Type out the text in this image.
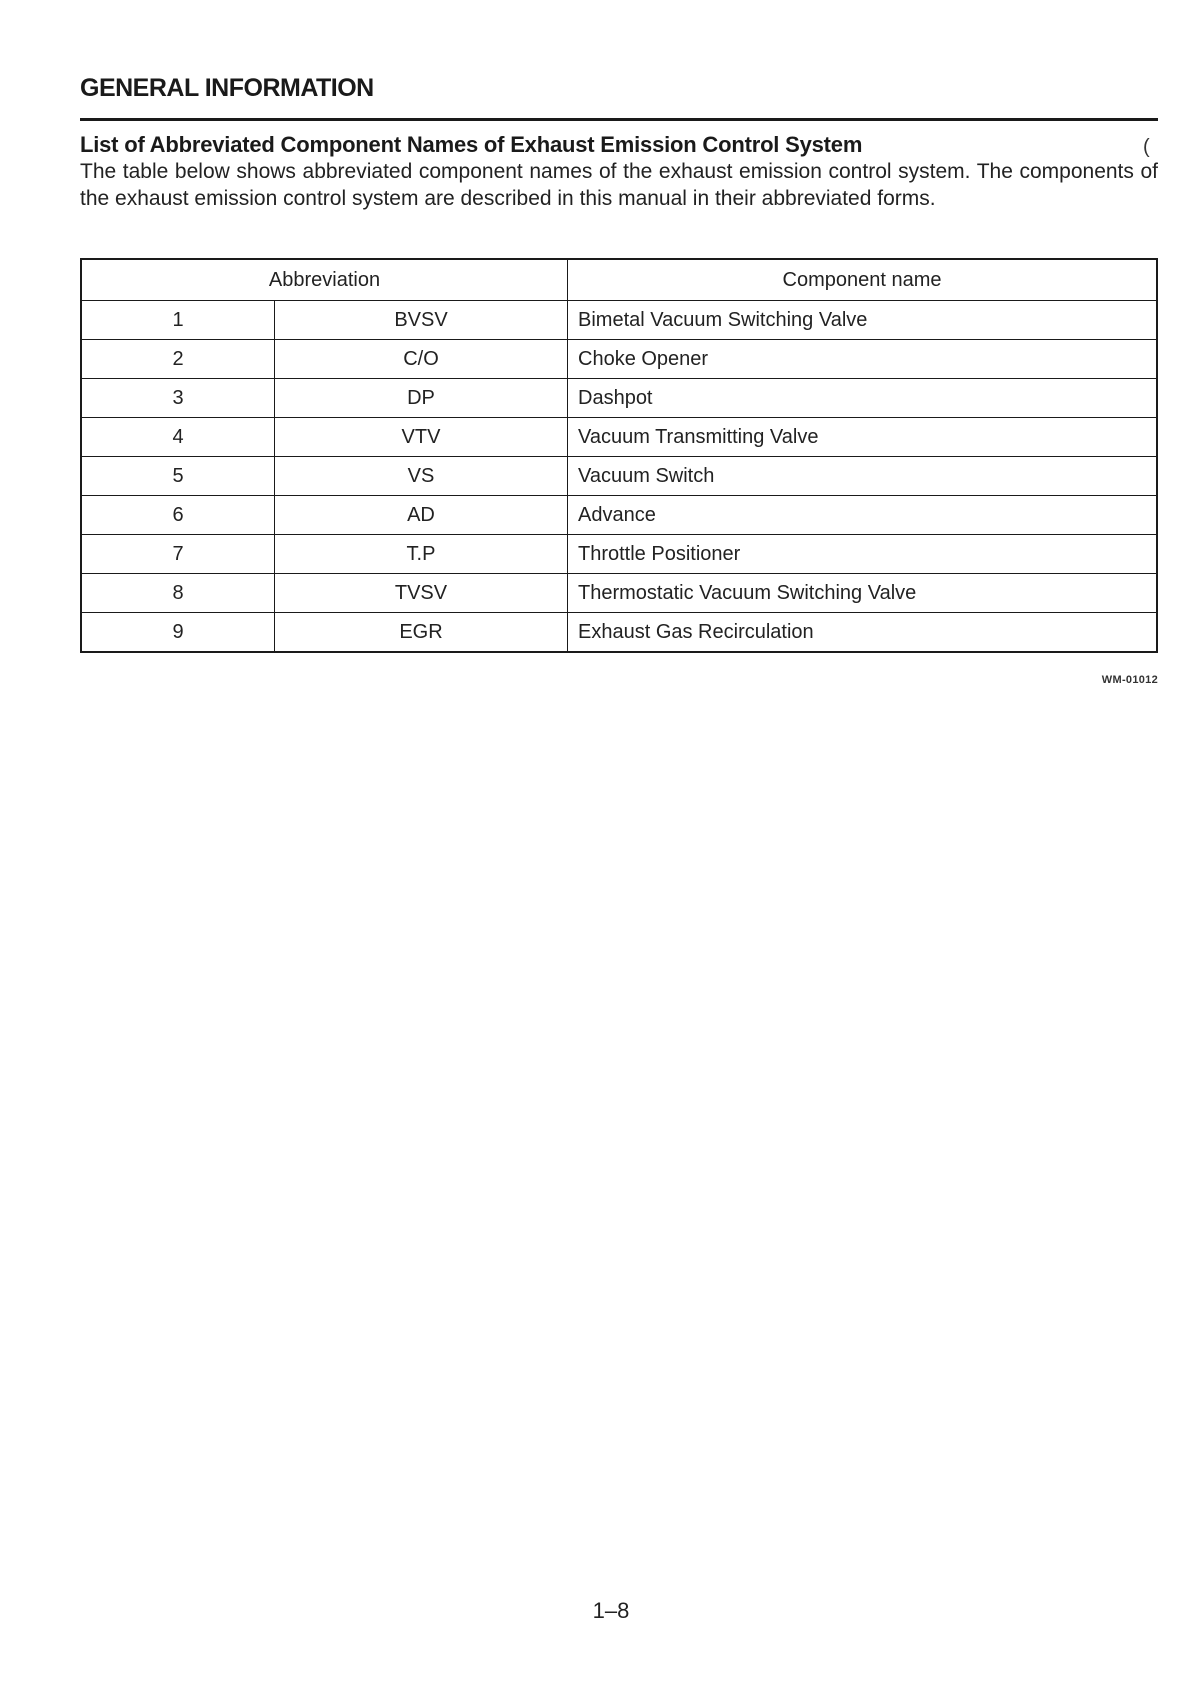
GENERAL INFORMATION
List of Abbreviated Component Names of Exhaust Emission Control System	(
The table below shows abbreviated component names of the exhaust emission control system. The components of the exhaust emission control system are described in this manual in their abbreviated forms.
Abbreviation		Component name
1	BVSV	Bimetal Vacuum Switching Valve
2	C/O	Choke Opener
3	DP	Dashpot
4	VTV	Vacuum Transmitting Valve
5	VS	Vacuum Switch
6	AD	Advance
7	T.P	Throttle Positioner
8	TVSV	Thermostatic Vacuum Switching Valve
9	EGR	Exhaust Gas Recirculation
WM-01012
1–8
